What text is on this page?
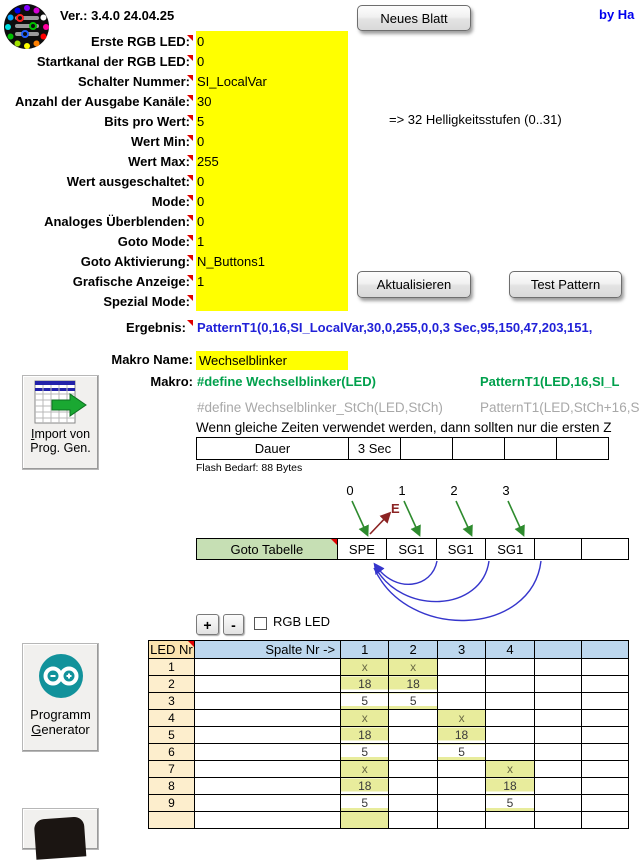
Ver.: 3.4.0 24.04.25	Neues Blatt	by Ha
Erste RGB LED: 0
Startkanal der RGB LED: 0
Schalter Nummer: SI_LocalVar
Anzahl der Ausgabe Kanäle: 30
Bits pro Wert: 5
Wert Min: 0
Wert Max: 255
Wert ausgeschaltet: 0
Mode: 0
Analoges Überblenden: 0
Goto Mode: 1
Goto Aktivierung: N_Buttons1
Grafische Anzeige: 1
Spezial Mode:
=> 32 Helligkeitsstufen (0..31)
Aktualisieren	Test Pattern
Ergebnis: PatternT1(0,16,SI_LocalVar,30,0,255,0,0,3 Sec,95,150,47,203,151,
Makro Name: Wechselblinker
Makro: #define Wechselblinker(LED)	PatternT1(LED,16,SI_L
#define Wechselblinker_StCh(LED,StCh)	PatternT1(LED,StCh+16,S
Wenn gleiche Zeiten verwendet werden, dann sollten nur die ersten Z
Dauer	3 Sec				
Flash Bedarf: 88 Bytes
Import von
Prog. Gen.
0	1	2	3
E
Goto Tabelle	SPE	SG1	SG1	SG1		
+	-	RGB LED
LED Nr	Spalte Nr ->	1	2	3	4		
1		x	x				
2		18	18				
3		5	5				
4		x		x			
5		18		18			
6		5		5			
7		x			x		
8		18			18		
9		5			5		

Programm
Generator
